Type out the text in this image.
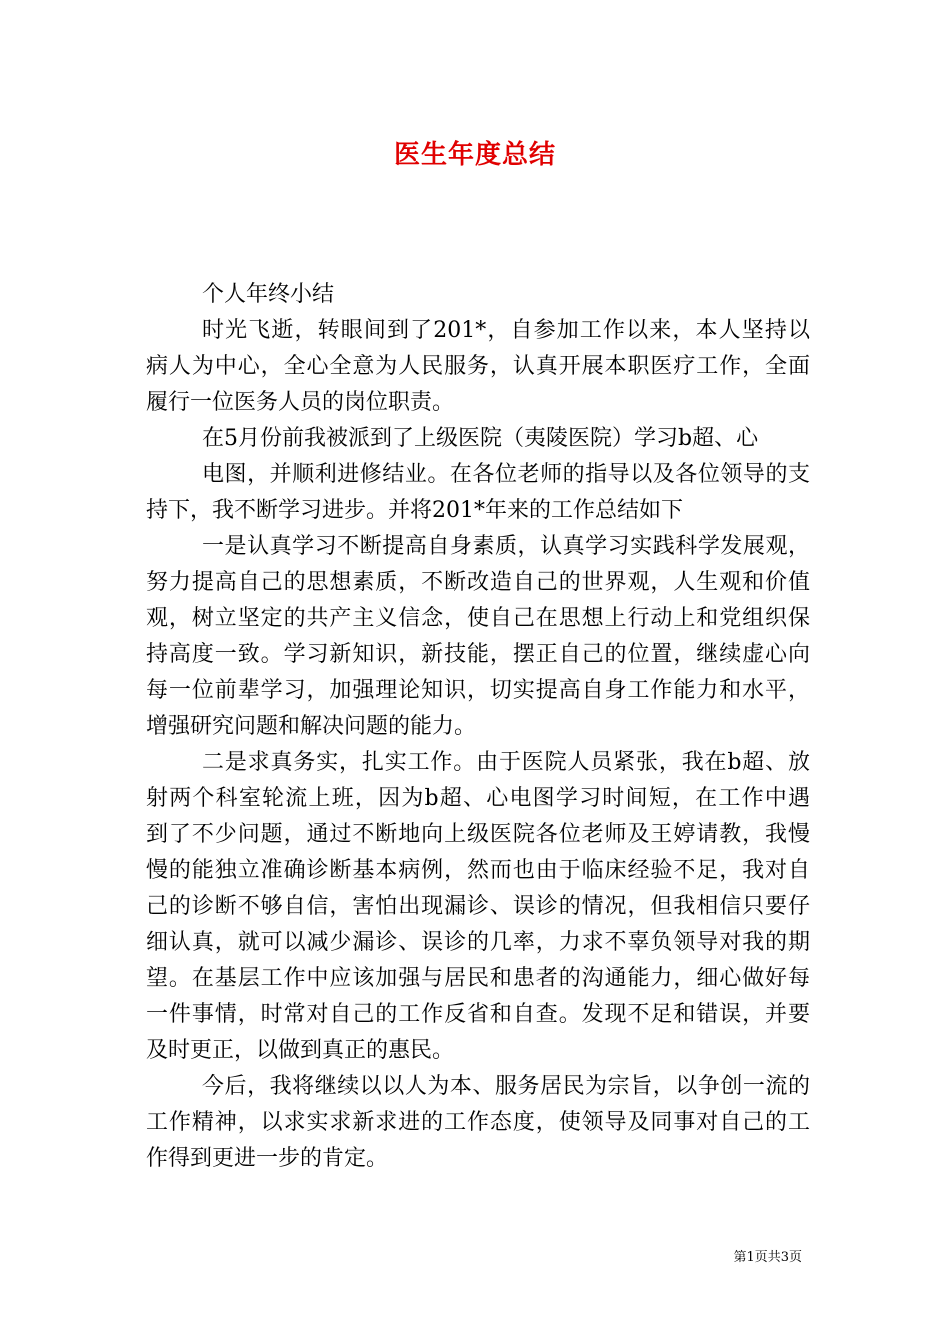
医生年度总结

个人年终小结

时光飞逝，转眼间到了201*，自参加工作以来，本人坚持以

病人为中心，全心全意为人民服务，认真开展本职医疗工作，全面

履行一位医务人员的岗位职责。

在5月份前我被派到了上级医院（夷陵医院）学习b超、心

电图，并顺利进修结业。在各位老师的指导以及各位领导的支

持下，我不断学习进步。并将201*年来的工作总结如下

一是认真学习不断提高自身素质，认真学习实践科学发展观，

努力提高自己的思想素质，不断改造自己的世界观，人生观和价值

观，树立坚定的共产主义信念，使自己在思想上行动上和党组织保

持高度一致。学习新知识，新技能，摆正自己的位置，继续虚心向

每一位前辈学习，加强理论知识，切实提高自身工作能力和水平，

增强研究问题和解决问题的能力。

二是求真务实，扎实工作。由于医院人员紧张，我在b超、放

射两个科室轮流上班，因为b超、心电图学习时间短，在工作中遇

到了不少问题，通过不断地向上级医院各位老师及王婷请教，我慢

慢的能独立准确诊断基本病例，然而也由于临床经验不足，我对自

己的诊断不够自信，害怕出现漏诊、误诊的情况，但我相信只要仔

细认真，就可以减少漏诊、误诊的几率，力求不辜负领导对我的期

望。在基层工作中应该加强与居民和患者的沟通能力，细心做好每

一件事情，时常对自己的工作反省和自查。发现不足和错误，并要

及时更正，以做到真正的惠民。

今后，我将继续以以人为本、服务居民为宗旨，以争创一流的

工作精神，以求实求新求进的工作态度，使领导及同事对自己的工

作得到更进一步的肯定。

第1页共3页
